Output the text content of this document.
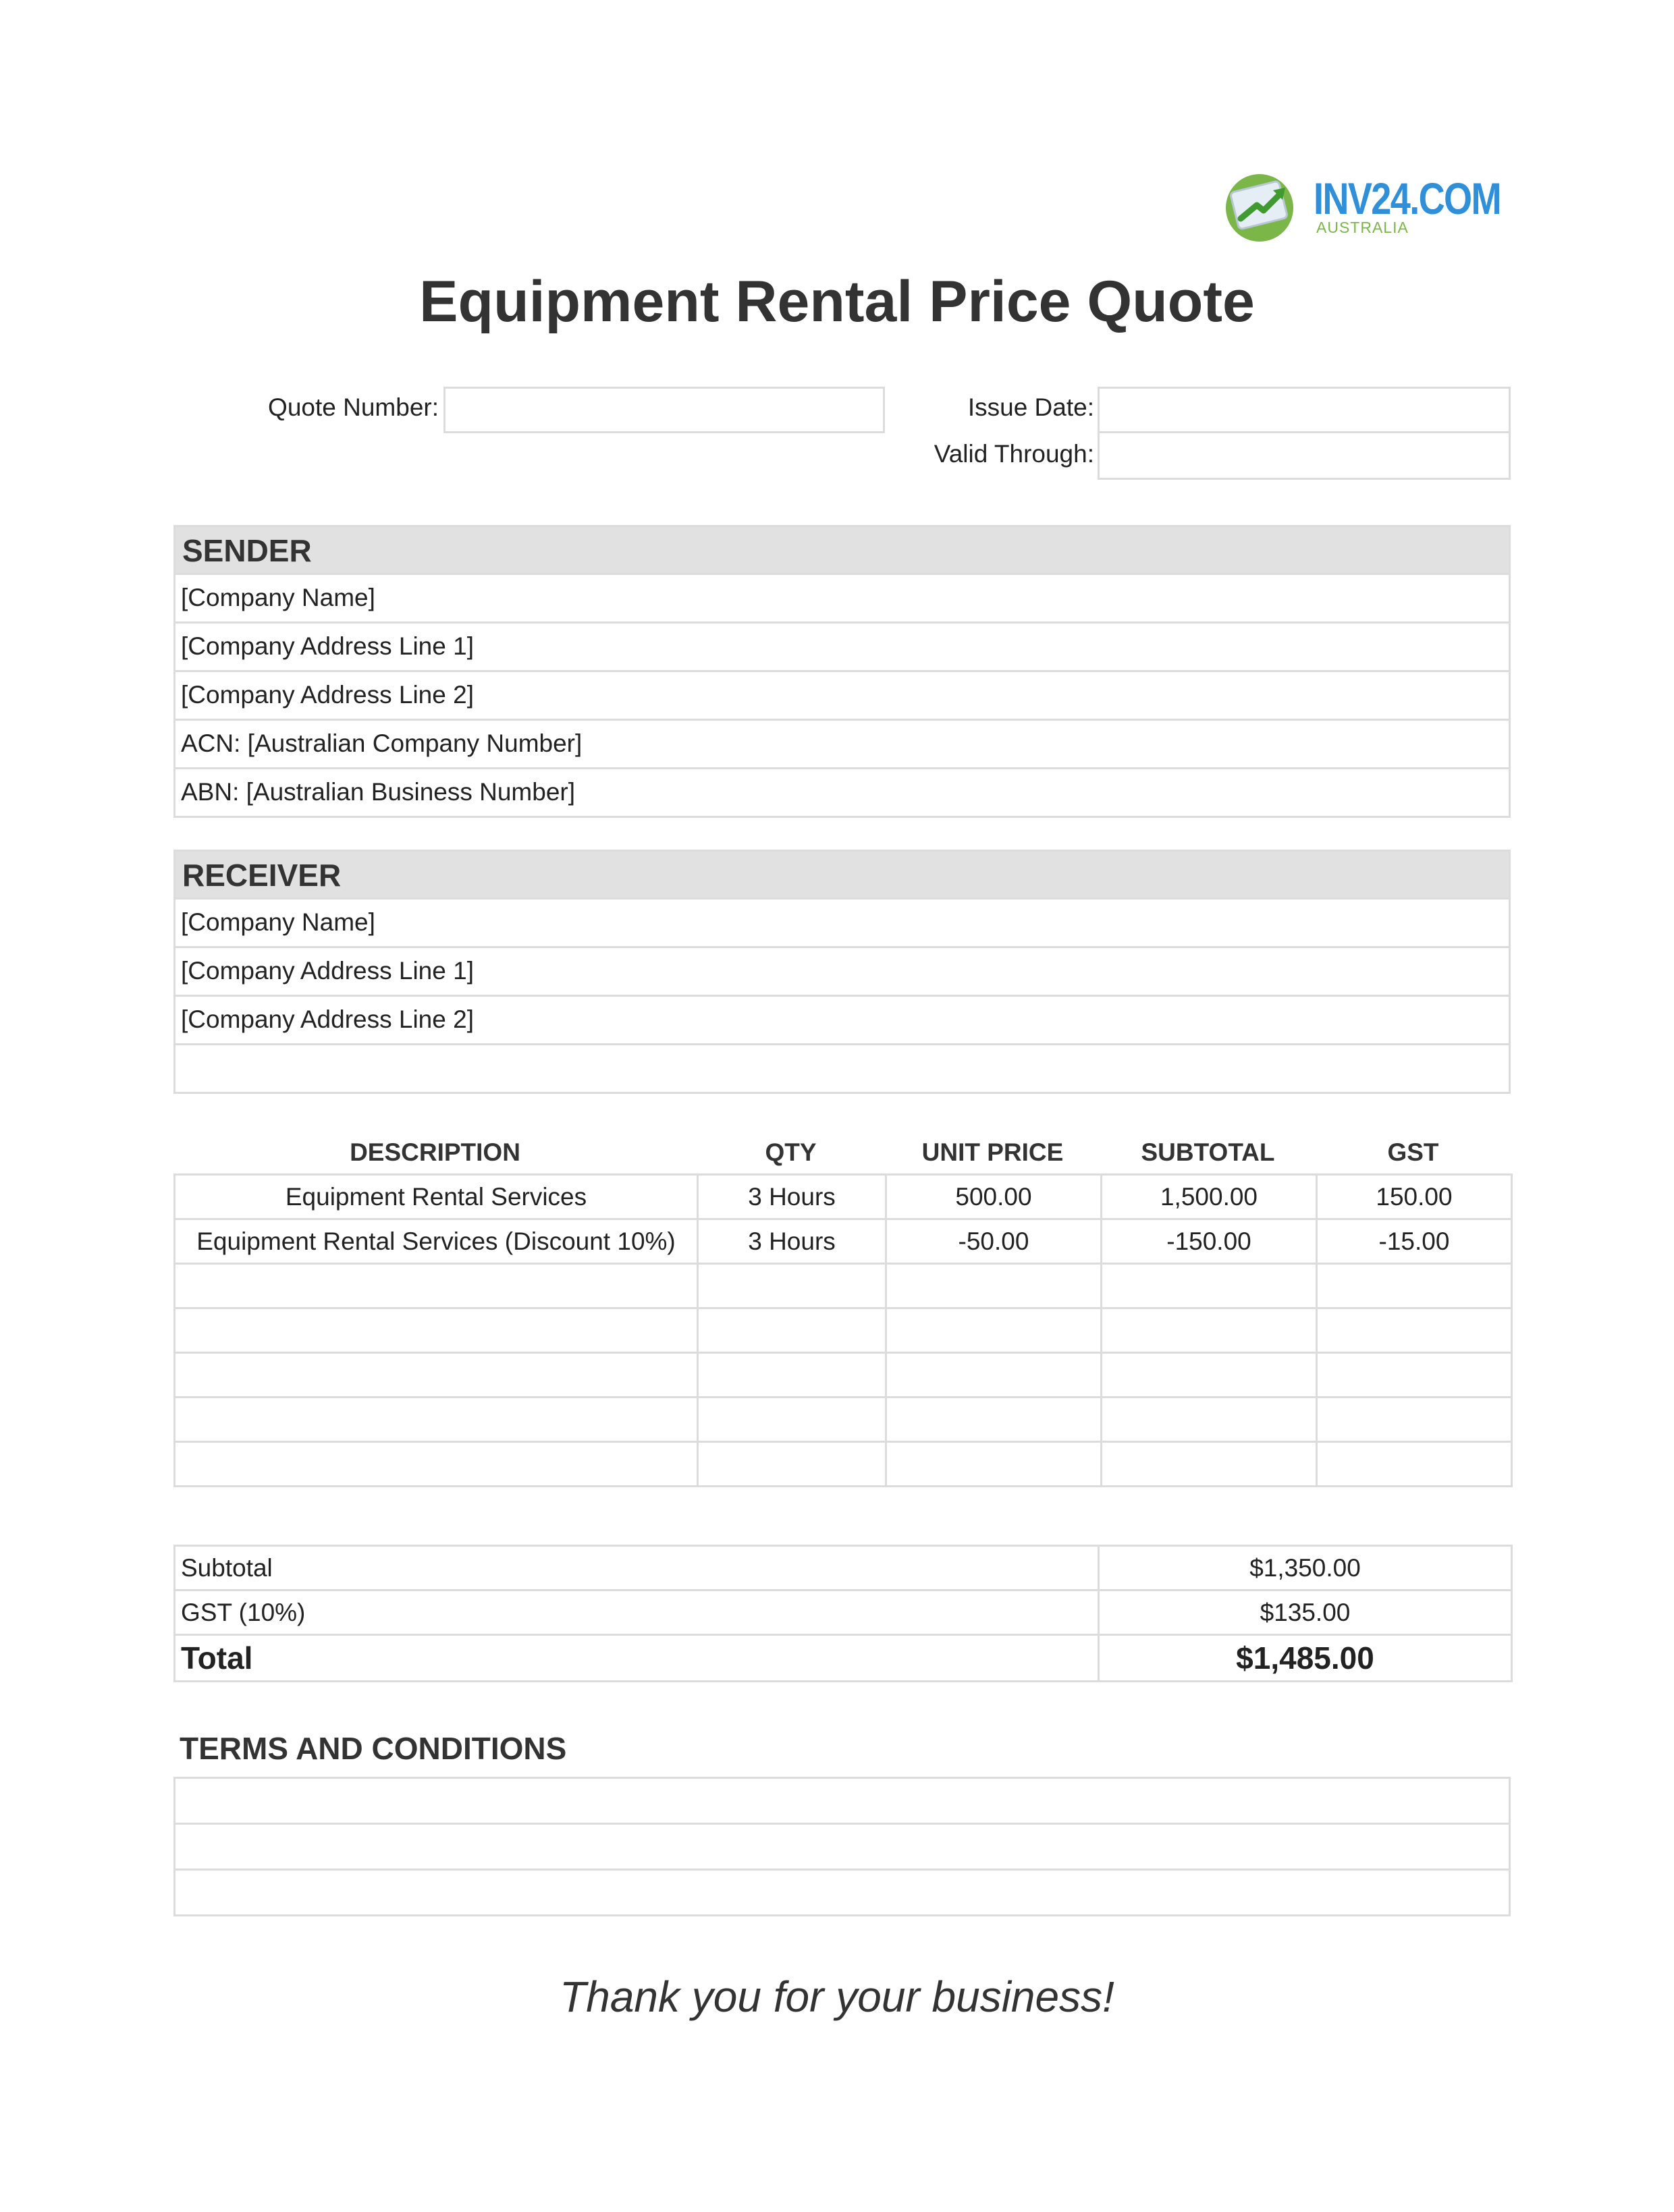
INV24.COM
AUSTRALIA
Equipment Rental Price Quote
Quote Number:	Issue Date:
Valid Through:
SENDER
[Company Name]
[Company Address Line 1]
[Company Address Line 2]
ACN: [Australian Company Number]
ABN: [Australian Business Number]
RECEIVER
[Company Name]
[Company Address Line 1]
[Company Address Line 2]
DESCRIPTION	QTY	UNIT PRICE	SUBTOTAL	GST
Equipment Rental Services	3 Hours	500.00	1,500.00	150.00
Equipment Rental Services (Discount 10%)	3 Hours	-50.00	-150.00	-15.00

Subtotal	$1,350.00
GST (10%)	$135.00
Total	$1,485.00
TERMS AND CONDITIONS

Thank you for your business!
